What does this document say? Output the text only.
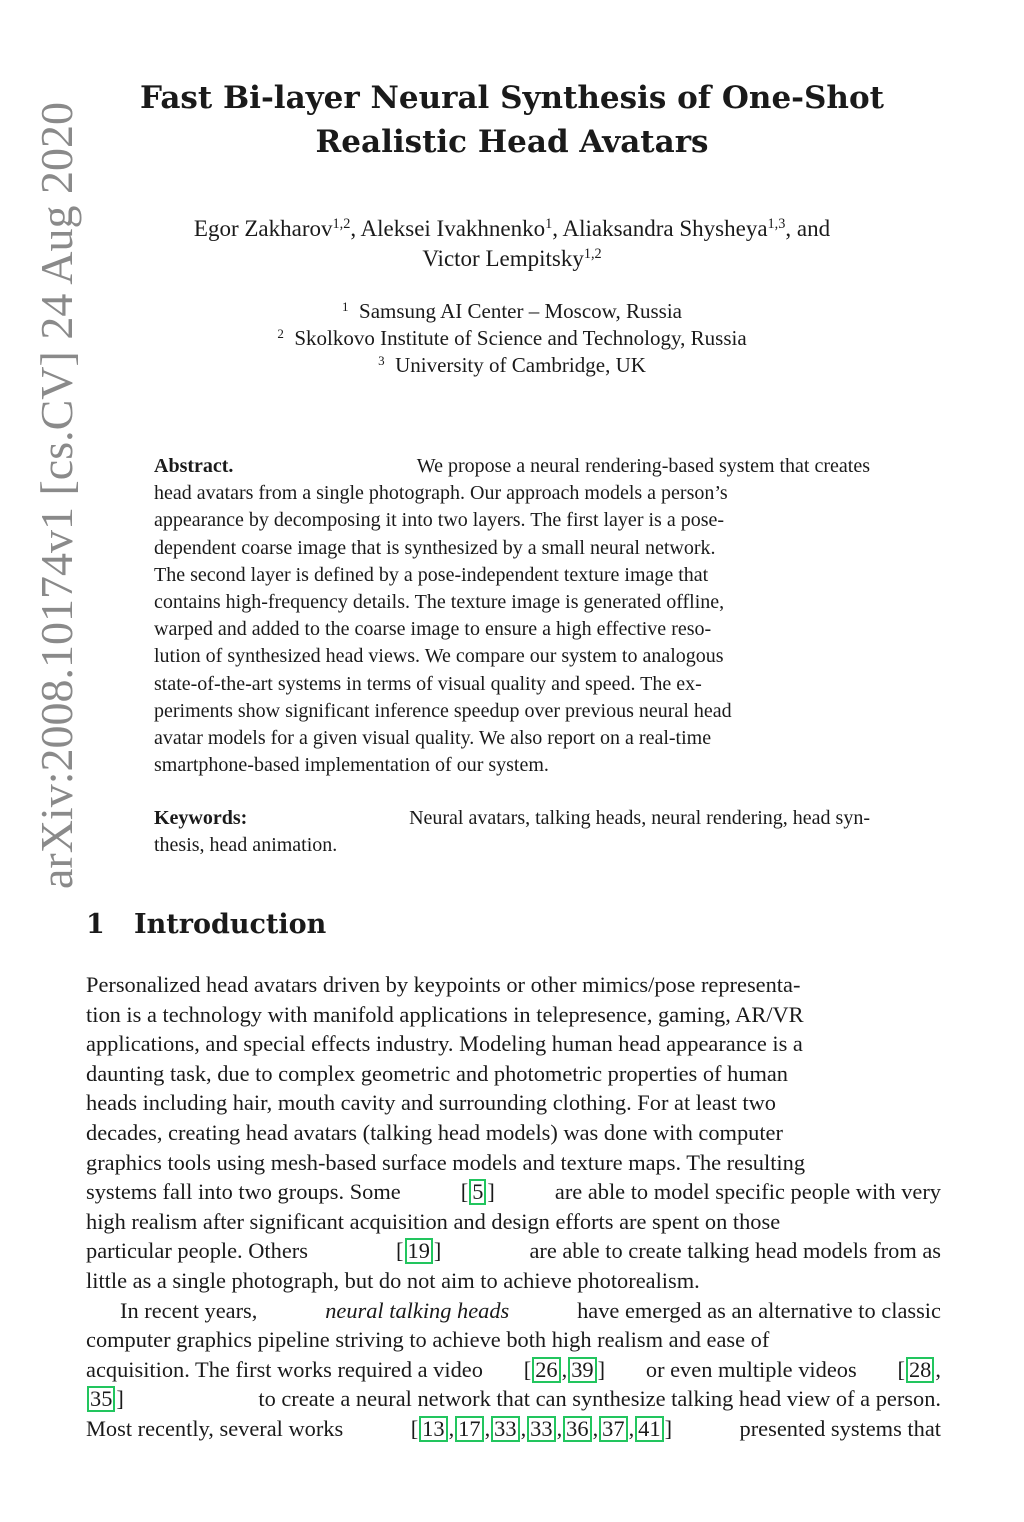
arXiv:2008.10174v1 [cs.CV] 24 Aug 2020
Fast Bi-layer Neural Synthesis of One-Shot
Realistic Head Avatars
Egor Zakharov$^{1,2}$, Aleksei Ivakhnenko$^1$, Aliaksandra Shysheya$^{1,3}$, and
Victor Lempitsky$^{1,2}$
$^1$ Samsung AI Center – Moscow, Russia
$^2$ Skolkovo Institute of Science and Technology, Russia
$^3$ University of Cambridge, UK
Abstract.	We propose a neural rendering-based system that creates
head avatars from a single photograph. Our approach models a person’s
appearance by decomposing it into two layers. The first layer is a pose-
dependent coarse image that is synthesized by a small neural network.
The second layer is defined by a pose-independent texture image that
contains high-frequency details. The texture image is generated offline,
warped and added to the coarse image to ensure a high effective reso-
lution of synthesized head views. We compare our system to analogous
state-of-the-art systems in terms of visual quality and speed. The ex-
periments show significant inference speedup over previous neural head
avatar models for a given visual quality. We also report on a real-time
smartphone-based implementation of our system.
Keywords:	Neural avatars, talking heads, neural rendering, head syn-
thesis, head animation.
1 Introduction
Personalized head avatars driven by keypoints or other mimics/pose representa-
tion is a technology with manifold applications in telepresence, gaming, AR/VR
applications, and special effects industry. Modeling human head appearance is a
daunting task, due to complex geometric and photometric properties of human
heads including hair, mouth cavity and surrounding clothing. For at least two
decades, creating head avatars (talking head models) was done with computer
graphics tools using mesh-based surface models and texture maps. The resulting
systems fall into two groups. Some	[ 5 ]	are able to model specific people with very
high realism after significant acquisition and design efforts are spent on those
particular people. Others	[ 19 ]	are able to create talking head models from as
little as a single photograph, but do not aim to achieve photorealism.
In recent years,	neural talking heads	have emerged as an alternative to classic
computer graphics pipeline striving to achieve both high realism and ease of
acquisition. The first works required a video [ 26 , 39 ] or even multiple videos [ 28 ,
35 ]	to create a neural network that can synthesize talking head view of a person.
Most recently, several works	[ 13 , 17 , 33 , 33 , 36 , 37 , 41 ]	presented systems that
